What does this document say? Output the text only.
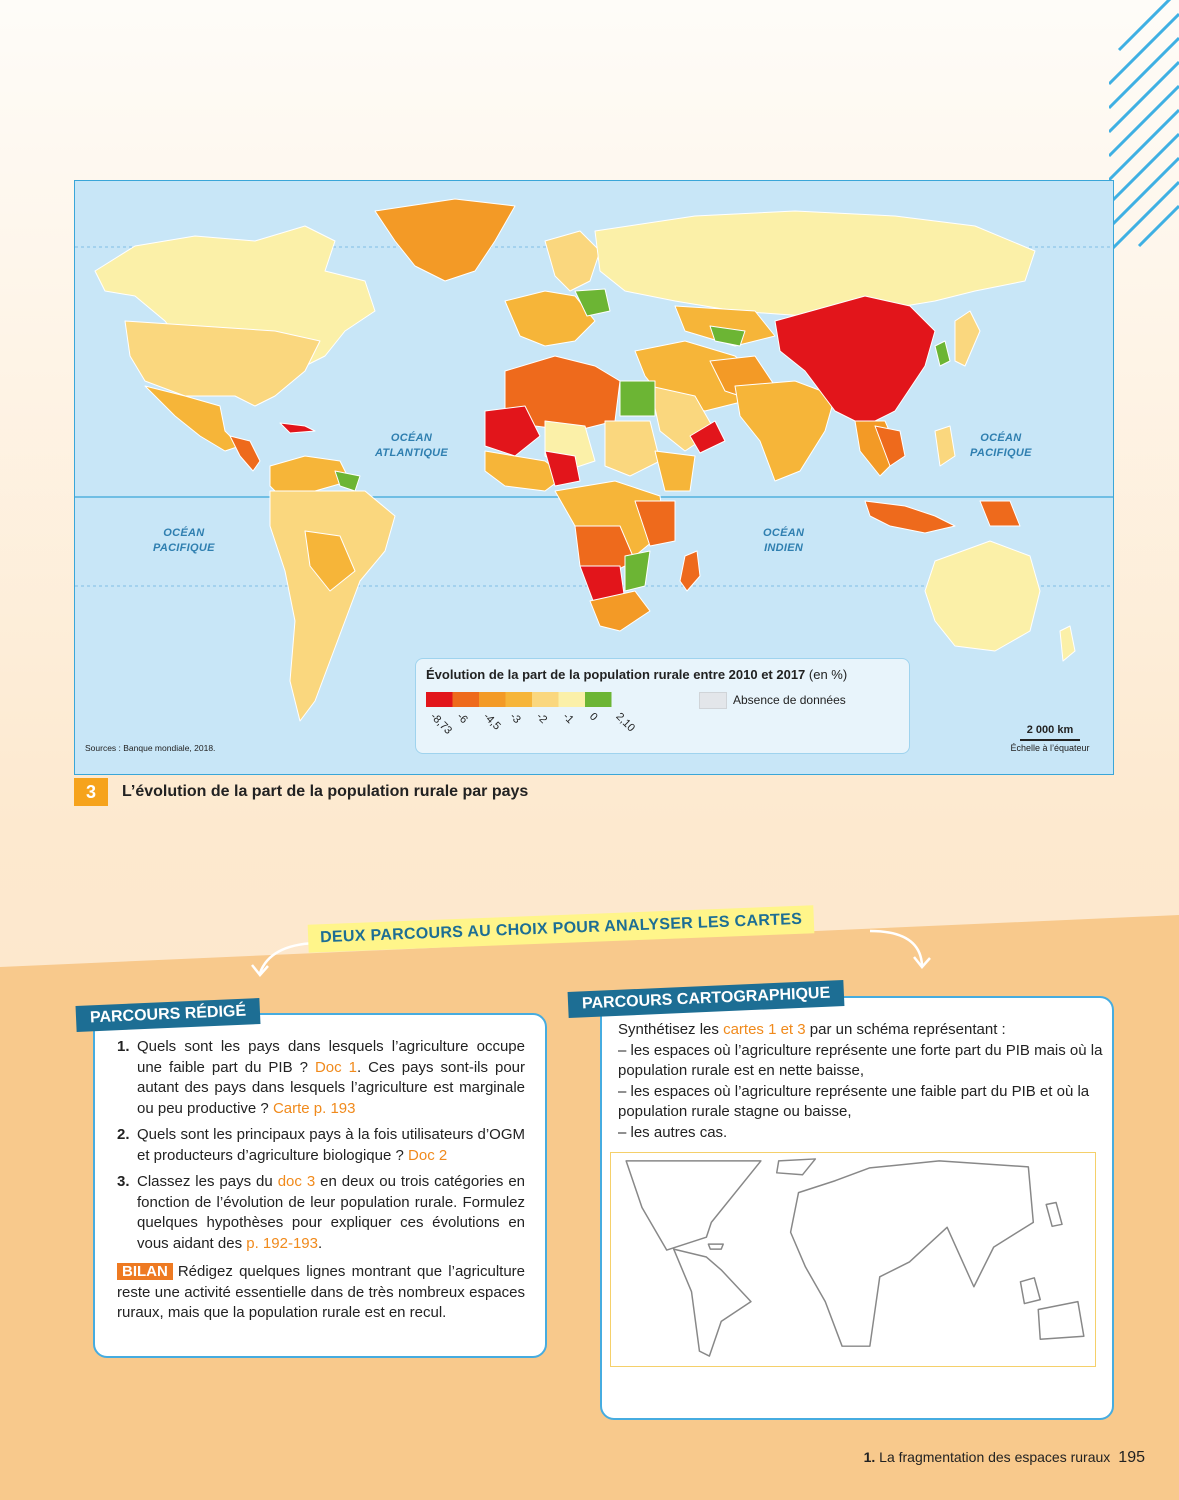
OCÉAN
ATLANTIQUE
OCÉAN
PACIFIQUE
OCÉAN
PACIFIQUE
OCÉAN
INDIEN
Évolution de la part de la population rurale entre 2010 et 2017 (en %)
-8,73 -6 -4,5 -3 -2 -1 0 2,10
Absence de données
Sources : Banque mondiale, 2018.
2 000 km
Échelle à l’équateur
3	L’évolution de la part de la population rurale par pays
DEUX PARCOURS AU CHOIX POUR ANALYSER LES CARTES
1. Quels sont les pays dans lesquels l’agriculture occupe une faible part du PIB ? Doc 1. Ces pays sont-ils pour autant des pays dans lesquels l’agriculture est marginale ou peu productive ? Carte p. 193
2. Quels sont les principaux pays à la fois utilisateurs d’OGM et producteurs d’agriculture biologique ? Doc 2
3. Classez les pays du doc 3 en deux ou trois catégories en fonction de l’évolution de leur population rurale. Formulez quelques hypothèses pour expliquer ces évolutions en vous aidant des p. 192-193.
BILAN Rédigez quelques lignes montrant que l’agriculture reste une activité essentielle dans de très nombreux espaces ruraux, mais que la population rurale est en recul.
PARCOURS RÉDIGÉ
Synthétisez les cartes 1 et 3 par un schéma représentant :
– les espaces où l’agriculture représente une forte part du PIB mais où la population rurale est en nette baisse,
– les espaces où l’agriculture représente une faible part du PIB et où la population rurale stagne ou baisse,
– les autres cas.
PARCOURS CARTOGRAPHIQUE
1. La fragmentation des espaces ruraux 195
